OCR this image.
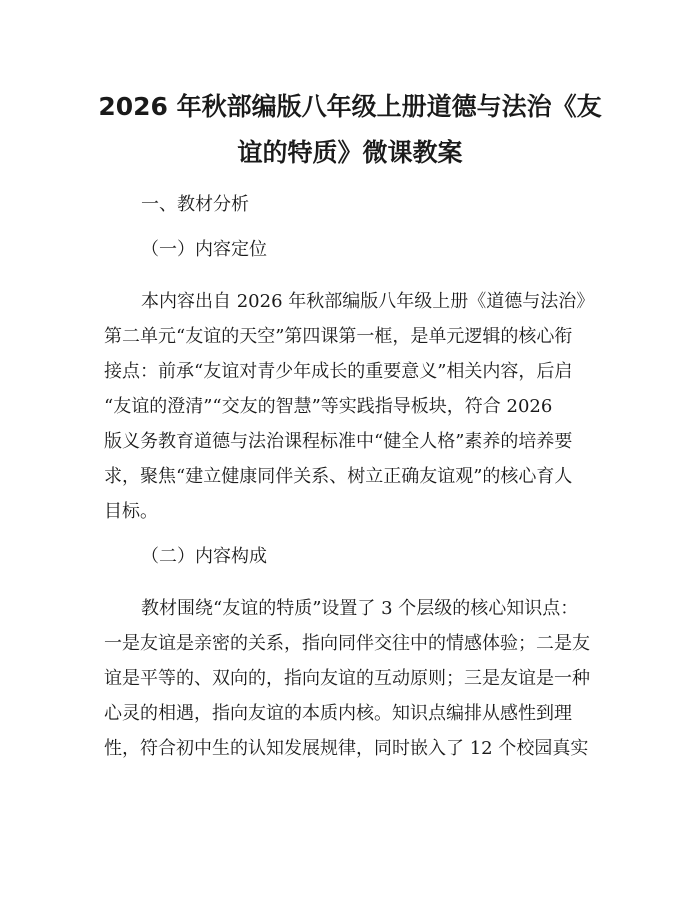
2026 年秋部编版八年级上册道德与法治《友
谊的特质》微课教案
一、教材分析
（一）内容定位
本内容出自 2026 年秋部编版八年级上册《道德与法治》
第二单元“友谊的天空”第四课第一框，是单元逻辑的核心衔
接点：前承“友谊对青少年成长的重要意义”相关内容，后启
“友谊的澄清”“交友的智慧”等实践指导板块，符合 2026
版义务教育道德与法治课程标准中“健全人格”素养的培养要
求，聚焦“建立健康同伴关系、树立正确友谊观”的核心育人
目标。
（二）内容构成
教材围绕“友谊的特质”设置了 3 个层级的核心知识点：
一是友谊是亲密的关系，指向同伴交往中的情感体验；二是友
谊是平等的、双向的，指向友谊的互动原则；三是友谊是一种
心灵的相遇，指向友谊的本质内核。知识点编排从感性到理
性，符合初中生的认知发展规律，同时嵌入了 12 个校园真实
